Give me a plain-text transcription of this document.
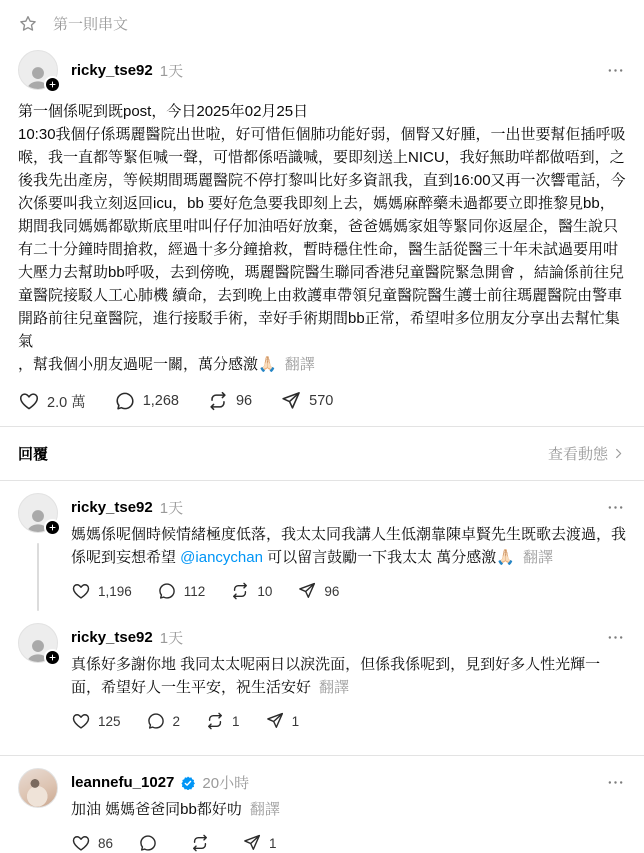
第一則串文
ricky_tse92 1天

第一個係呢到既post，今日2025年02月25日

10:30我個仔係瑪麗醫院出世啦，好可惜佢個肺功能好弱，個腎又好腫，一出世要幫佢插呼吸喉，我一直都等緊佢喊一聲，可惜都係唔識喊，要即刻送上NICU，我好無助咩都做唔到，之後我先出產房，等候期間瑪麗醫院不停打黎叫比好多資訊我，直到16:00又再一次響電話，今次係要叫我立刻返回icu，bb 要好危急要我即刻上去，媽媽麻醉藥未過都要立即推黎見bb，期間我同媽媽都歇斯底里咁叫仔仔加油唔好放棄，爸爸媽媽家姐等緊同你返屋企，醫生說只有二十分鐘時間搶救，經過十多分鐘搶救，暫時穩住性命，醫生話從醫三十年未試過要用咁大壓力去幫助bb呼吸，去到傍晚，瑪麗醫院醫生聯同香港兒童醫院緊急開會 ，結論係前往兒童醫院接駁人工心肺機 續命，去到晚上由救護車帶領兒童醫院醫生護士前往瑪麗醫院由警車開路前往兒童醫院，進行接駁手術，幸好手術期間bb正常，希望咁多位朋友分享出去幫忙集氣

，幫我個小朋友過呢一關，萬分感激🙏🏻 翻譯

2.0 萬	1,268	96	570
回覆	查看動態
ricky_tse92 1天
媽媽係呢個時候情緒極度低落，我太太同我講人生低潮靠陳卓賢先生既歌去渡過，我係呢到妄想希望 @iancychan 可以留言鼓勵一下我太太 萬分感激🙏🏻 翻譯
1,196	112	10	96
ricky_tse92 1天
真係好多謝你地 我同太太呢兩日以淚洗面，但係我係呢到，見到好多人性光輝一面，希望好人一生平安，祝生活安好 翻譯
125	2	1	1
leannefu_1027 20小時
加油 媽媽爸爸同bb都好叻 翻譯
86	1
